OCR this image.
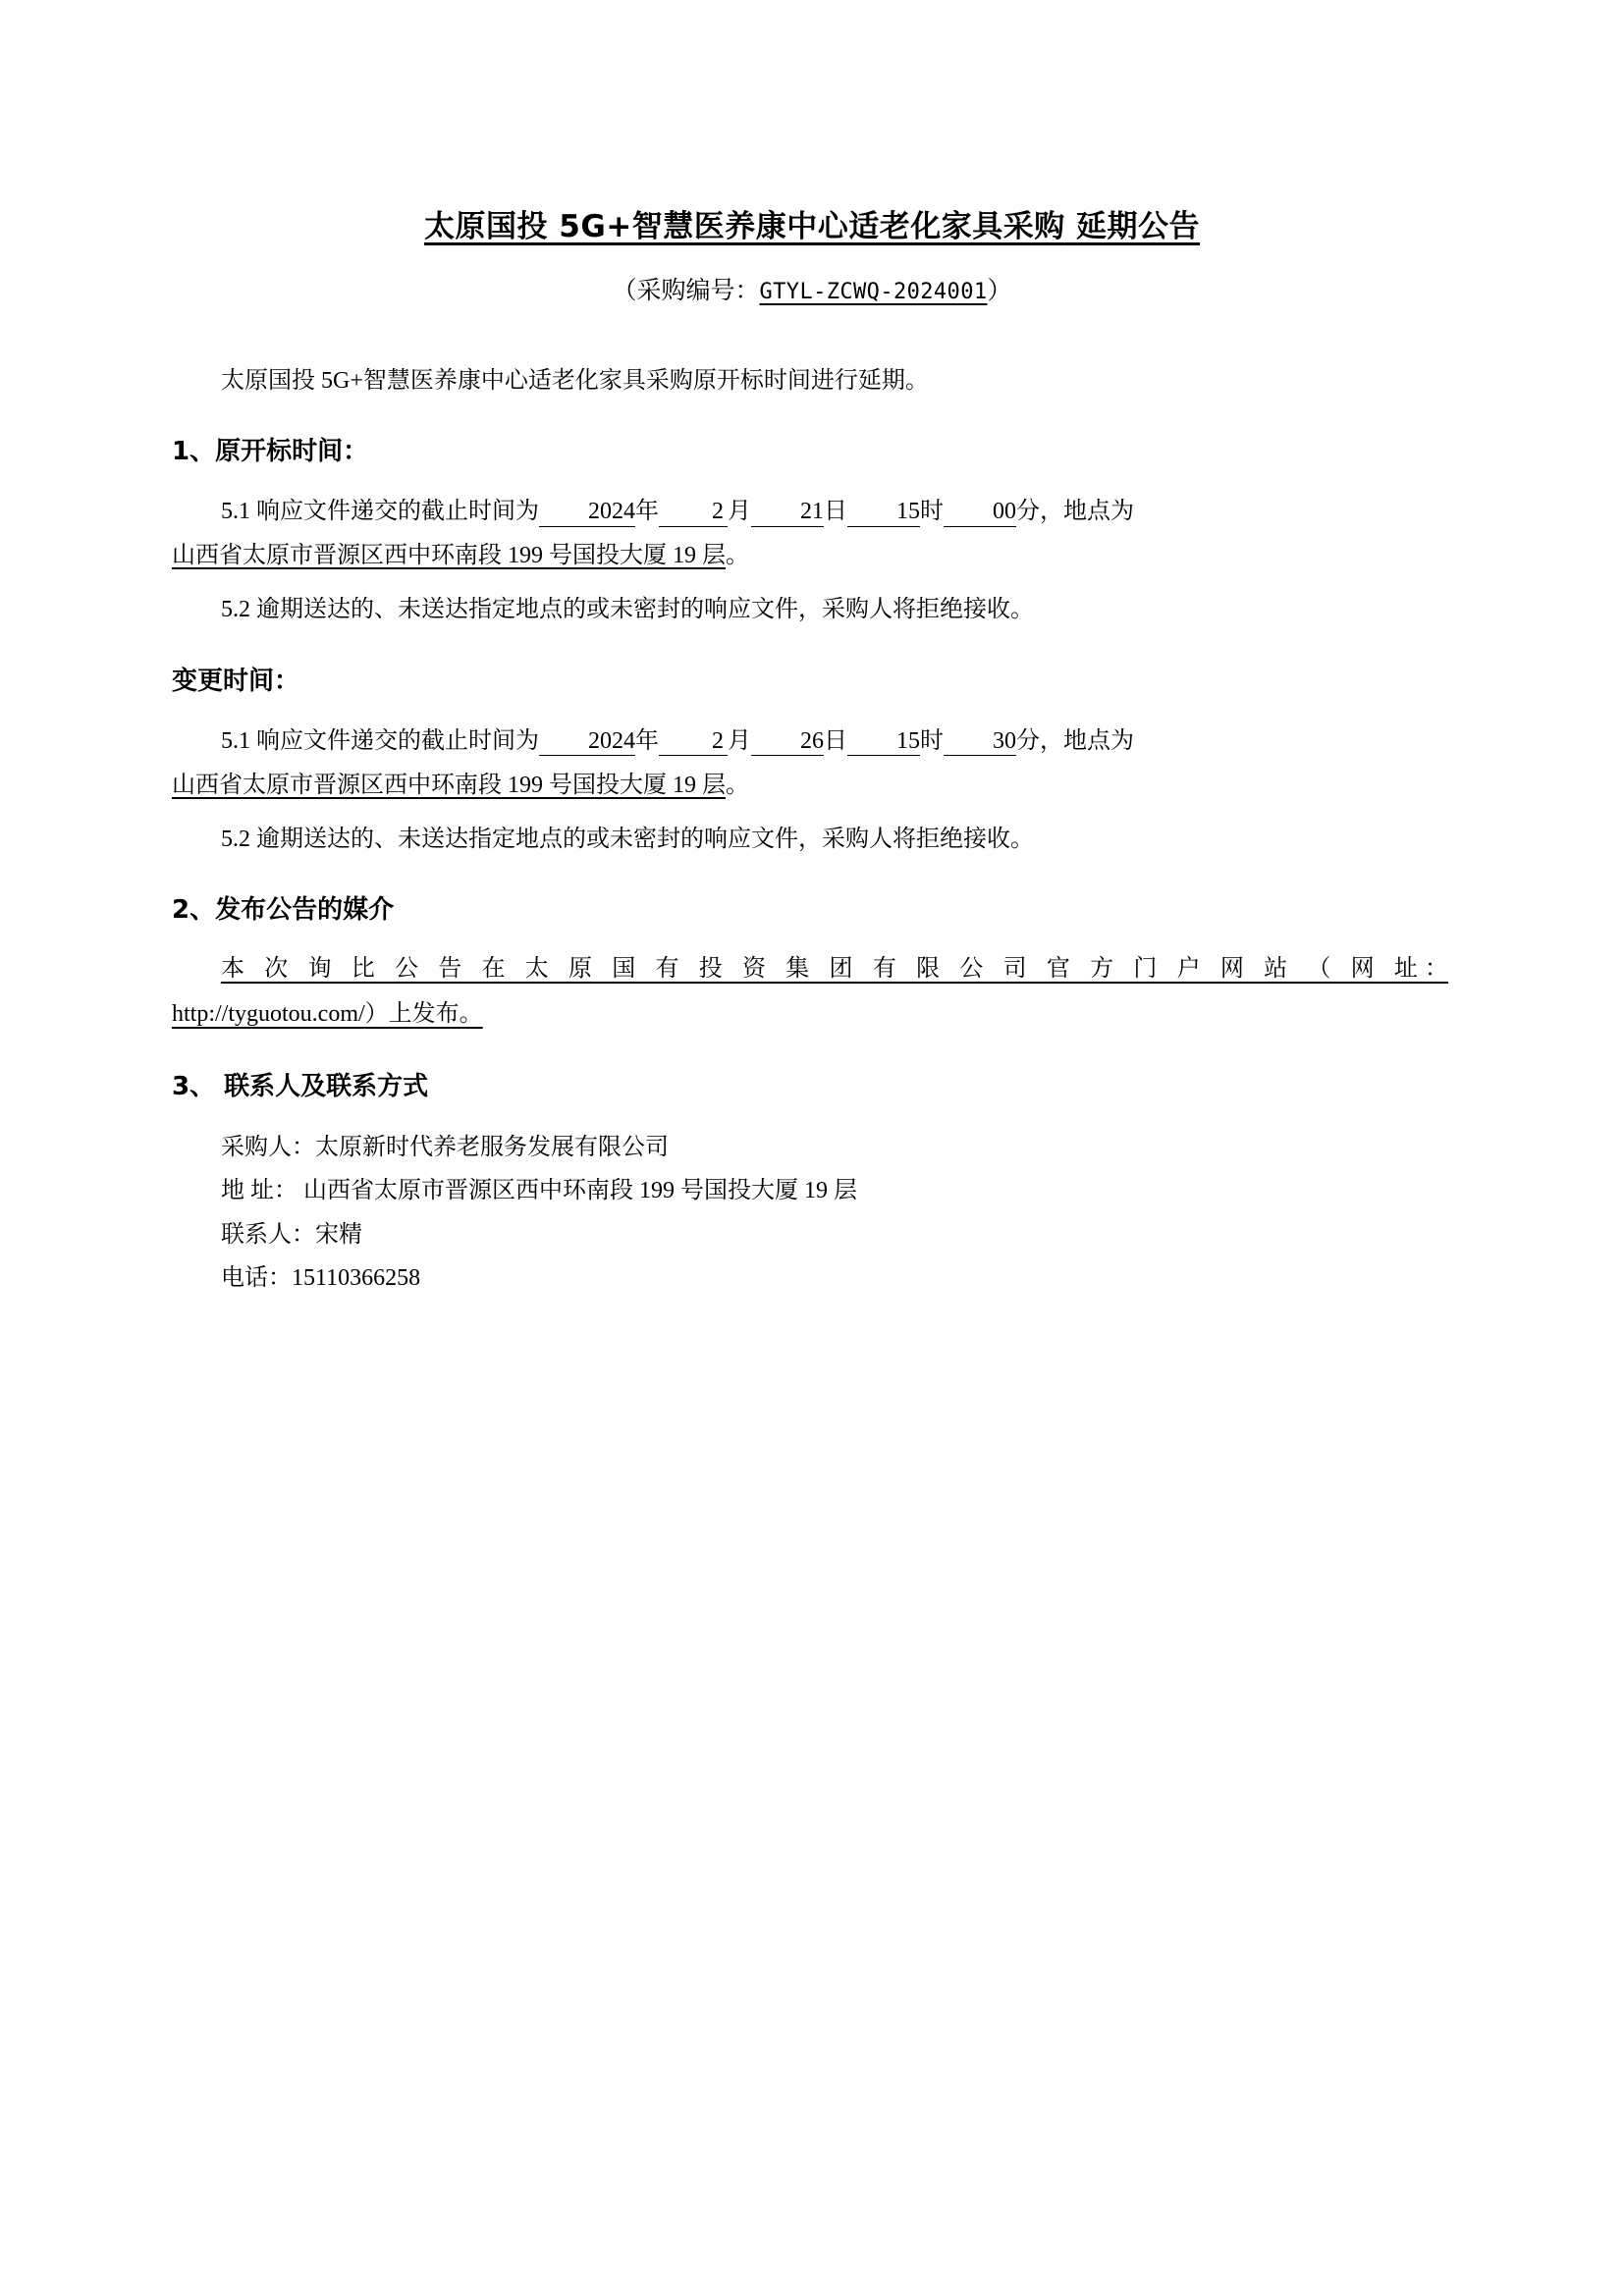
太原国投 5G+智慧医养康中心适老化家具采购 延期公告
（采购编号：GTYL-ZCWQ-2024001）

太原国投 5G+智慧医养康中心适老化家具采购原开标时间进行延期。

1、原开标时间：

5.1 响应文件递交的截止时间为 2024年 2 月 21日 15时 00分，地点为

山西省太原市晋源区西中环南段 199 号国投大厦 19 层。

5.2 逾期送达的、未送达指定地点的或未密封的响应文件，采购人将拒绝接收。

变更时间：

5.1 响应文件递交的截止时间为 2024年 2 月 26日 15时 30分，地点为

山西省太原市晋源区西中环南段 199 号国投大厦 19 层。

5.2 逾期送达的、未送达指定地点的或未密封的响应文件，采购人将拒绝接收。

2、发布公告的媒介

本 次 询 比 公 告 在 太 原 国 有 投 资 集 团 有 限 公 司 官 方 门 户 网 站 （ 网 址：

http://tyguotou.com/）上发布。
3、 联系人及联系方式
采购人：太原新时代养老服务发展有限公司
地 址： 山西省太原市晋源区西中环南段 199 号国投大厦 19 层
联系人：宋精
电话：15110366258
